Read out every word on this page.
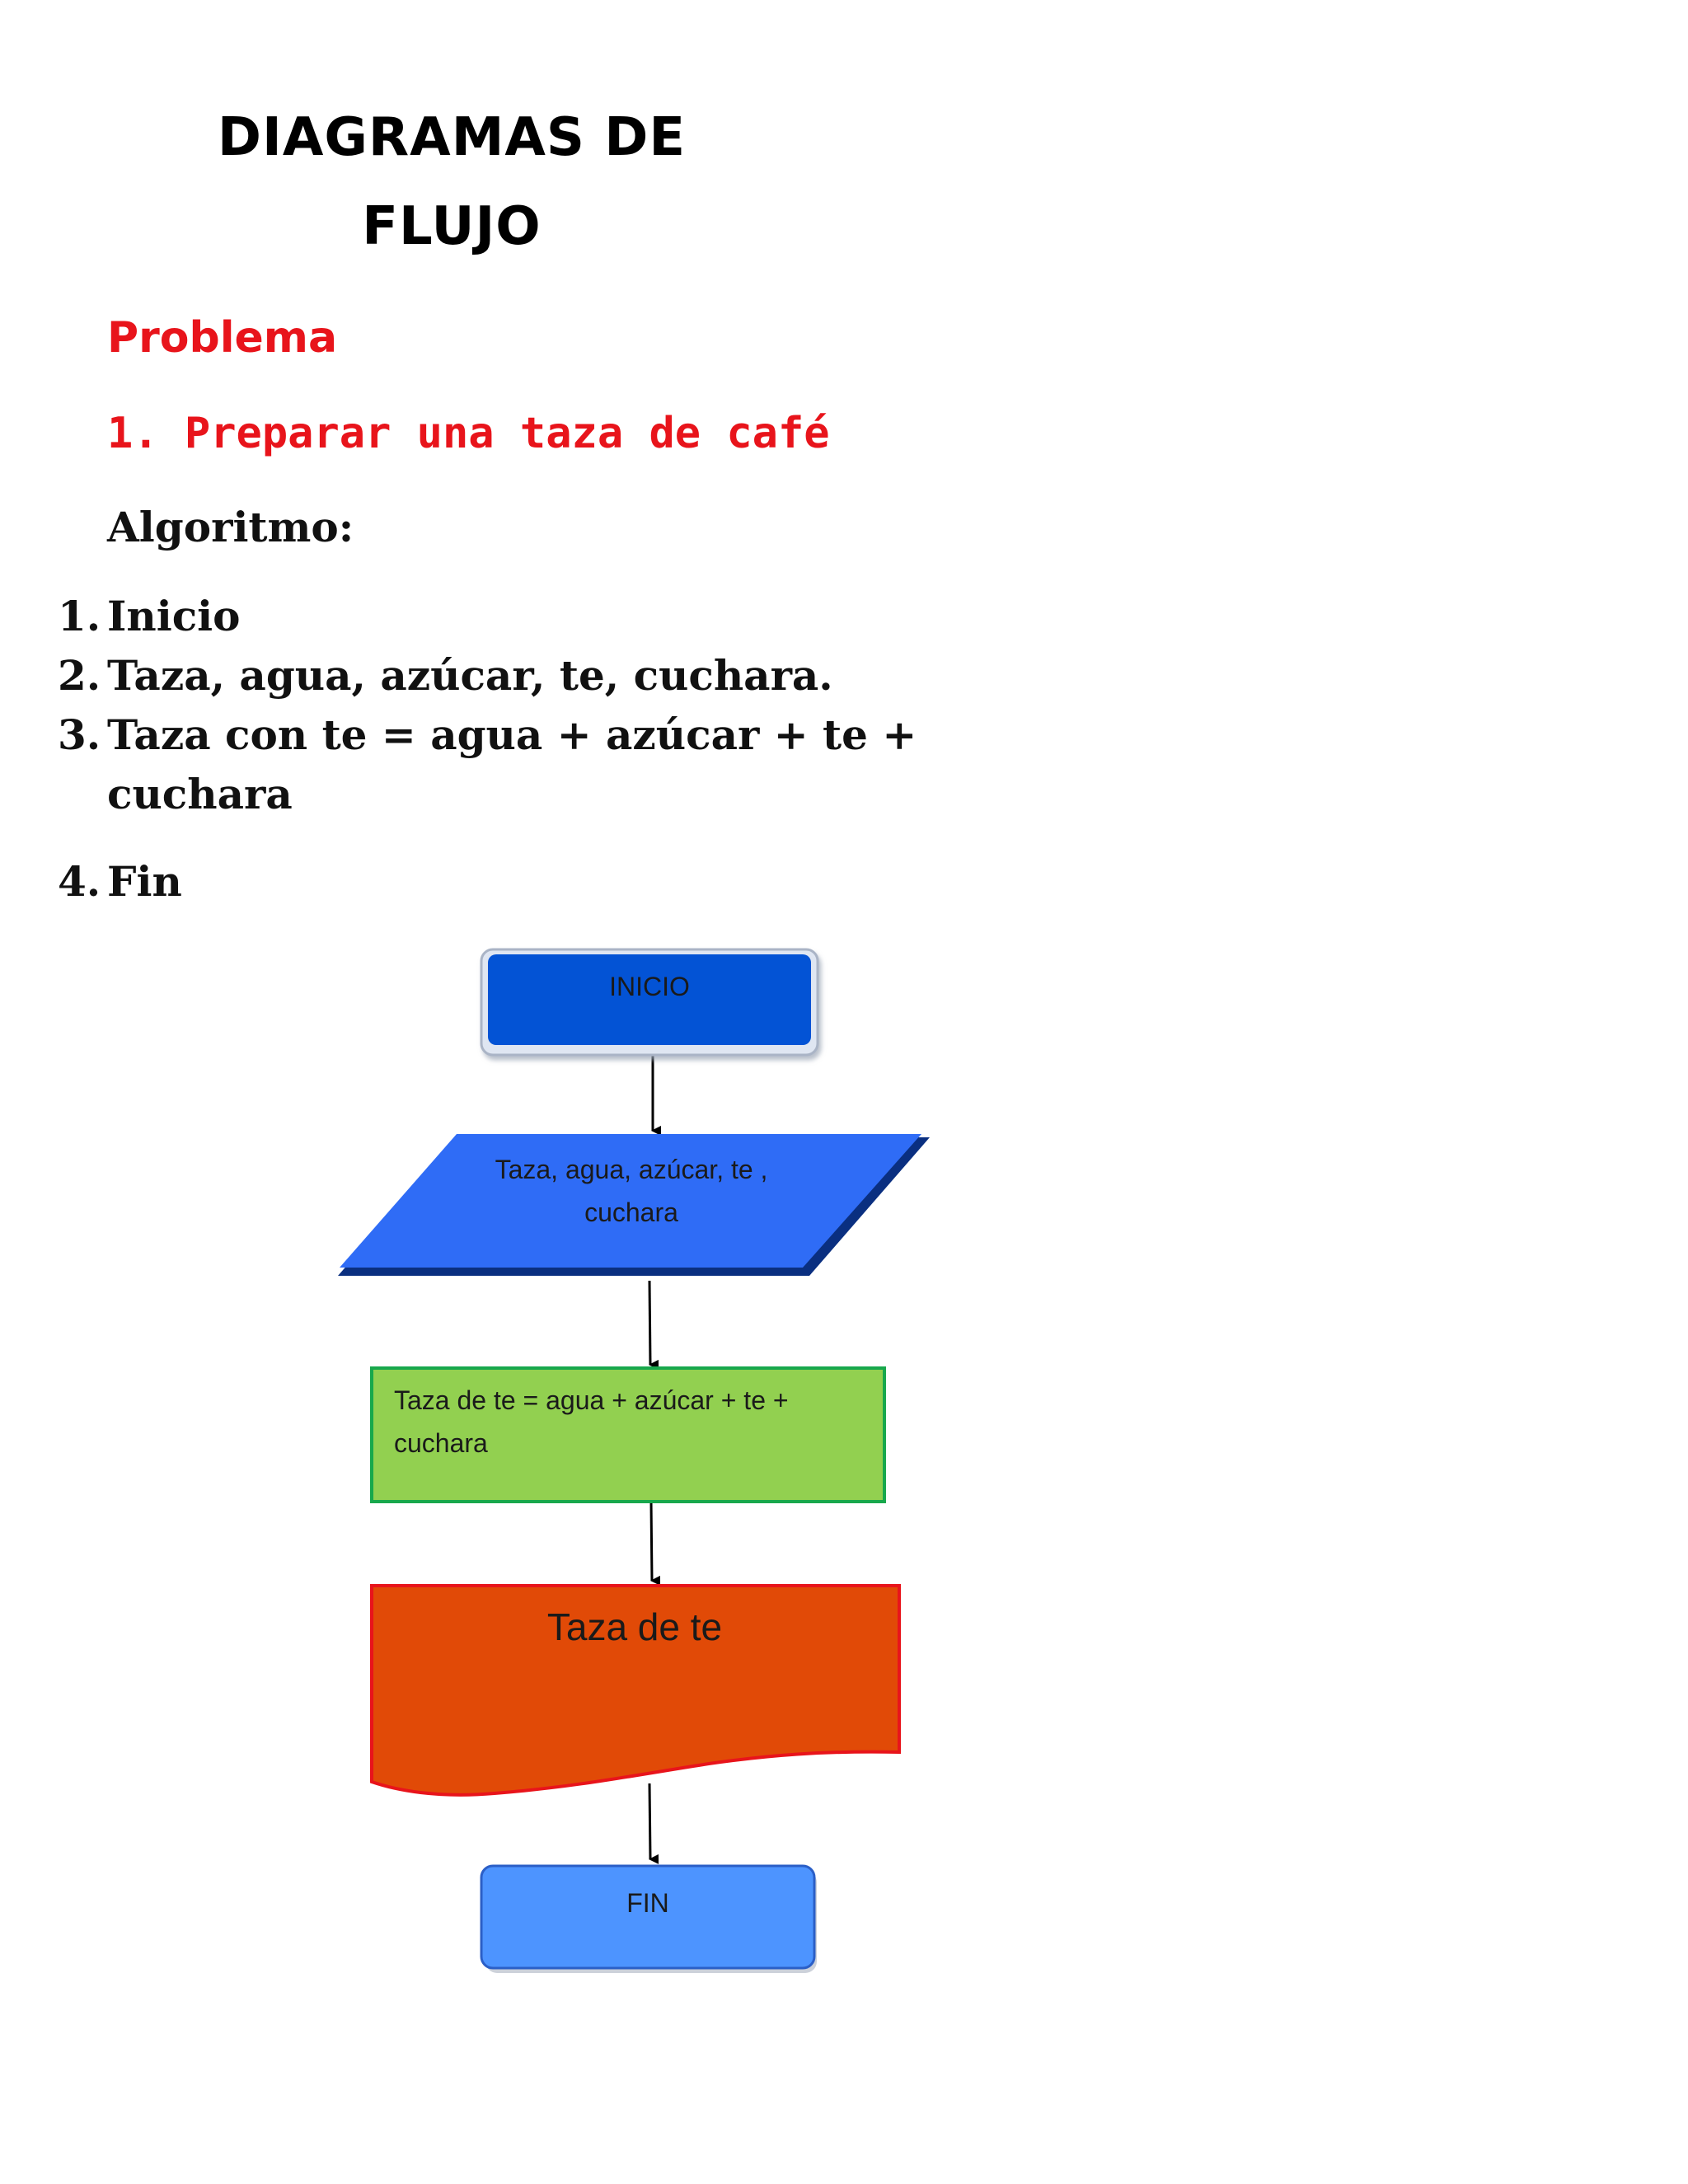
DIAGRAMAS DE
FLUJO
Problema
1. Preparar una taza de café
Algoritmo:
1. Inicio
2. Taza, agua, azúcar, te, cuchara.
3. Taza con te = agua + azúcar + te +
cuchara
4. Fin
INICIO
Taza, agua, azúcar, te ,
cuchara
Taza de te = agua + azúcar + te +
cuchara
Taza de te
FIN
